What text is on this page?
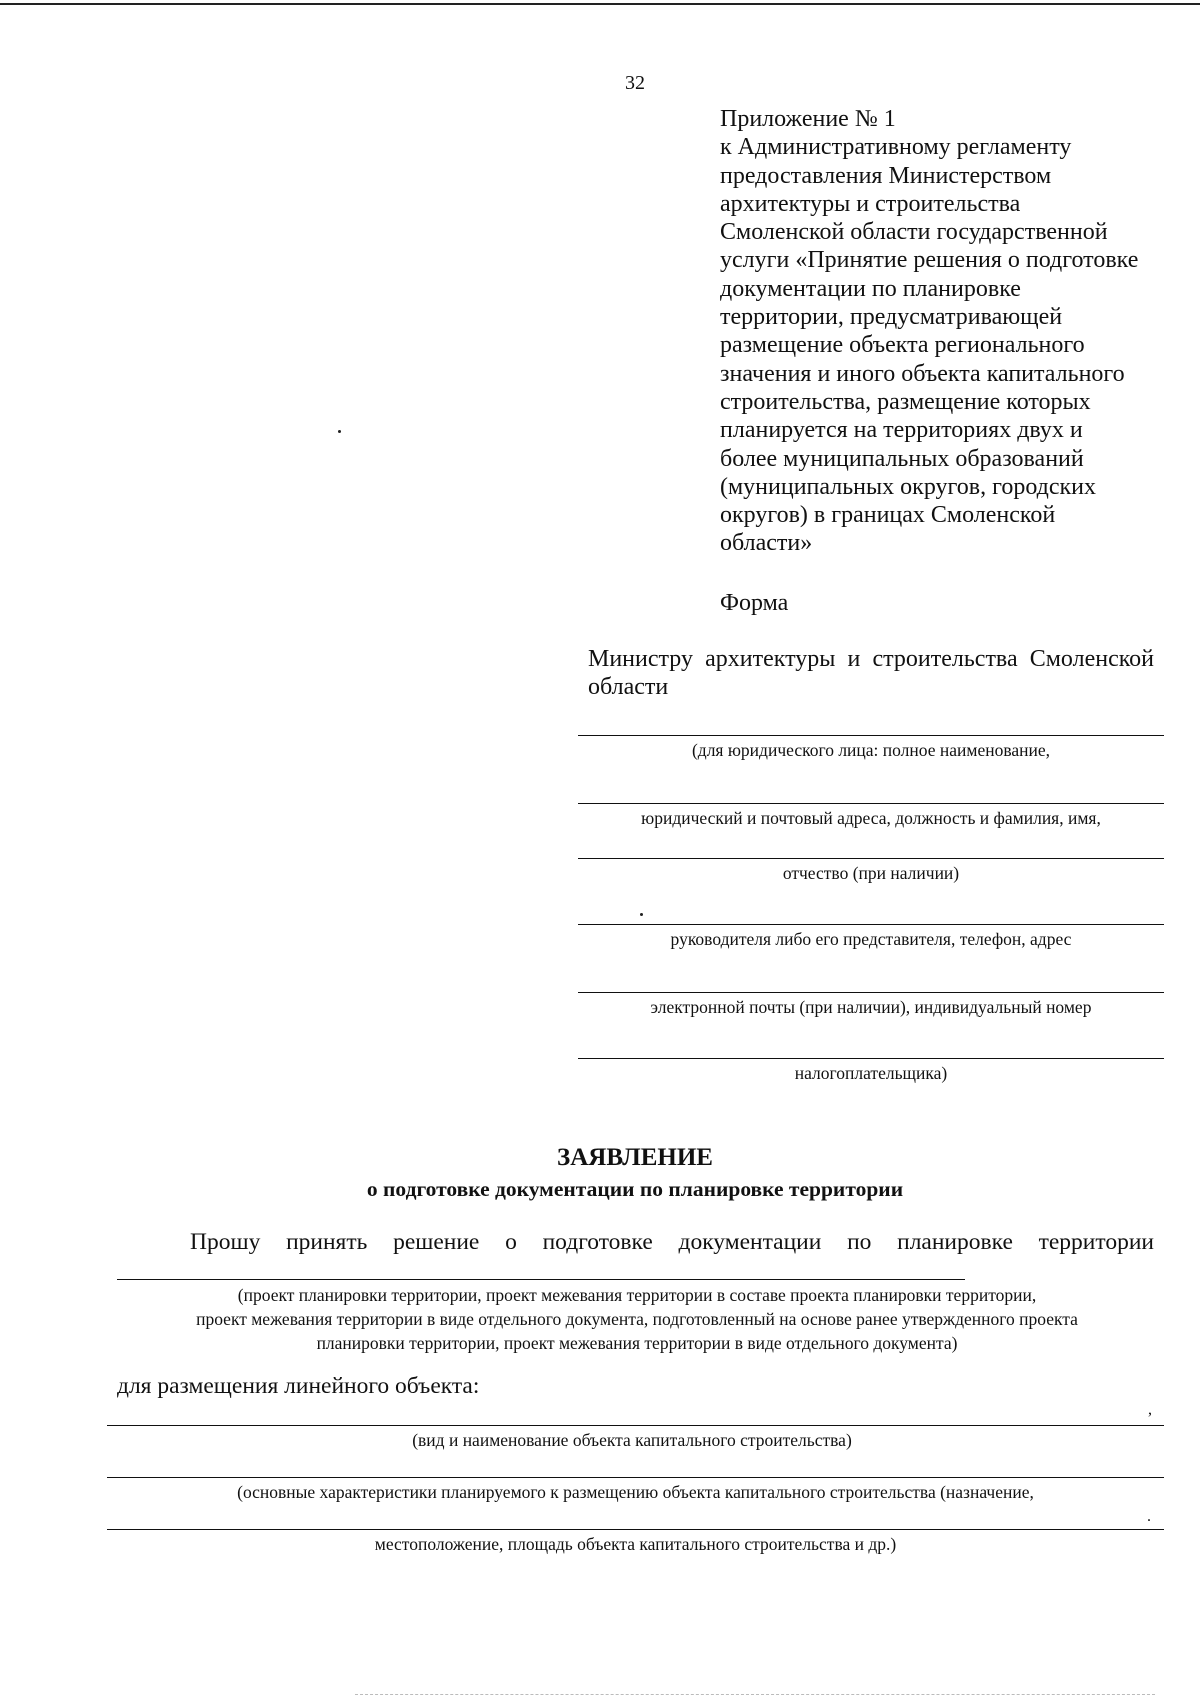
32
Приложение № 1
к Административному регламенту
предоставления Министерством
архитектуры и строительства
Смоленской области государственной
услуги «Принятие решения о подготовке
документации по планировке
территории, предусматривающей
размещение объекта регионального
значения и иного объекта капитального
строительства, размещение которых
планируется на территориях двух и
более муниципальных образований
(муниципальных округов, городских
округов) в границах Смоленской
области»
Форма
Министру архитектуры и строительства Смоленской области
(для юридического лица: полное наименование,
юридический и почтовый адреса, должность и фамилия, имя,
отчество (при наличии)
руководителя либо его представителя, телефон, адрес
электронной почты (при наличии), индивидуальный номер
налогоплательщика)
ЗАЯВЛЕНИЕ
о подготовке документации по планировке территории
Прошу принять решение о подготовке документации по планировке территории
(проект планировки территории, проект межевания территории в составе проекта планировки территории,
проект межевания территории в виде отдельного документа, подготовленный на основе ранее утвержденного проекта
планировки территории, проект межевания территории в виде отдельного документа)
для размещения линейного объекта:
,
(вид и наименование объекта капитального строительства)
(основные характеристики планируемого к размещению объекта капитального строительства (назначение,
.
местоположение, площадь объекта капитального строительства и др.)
